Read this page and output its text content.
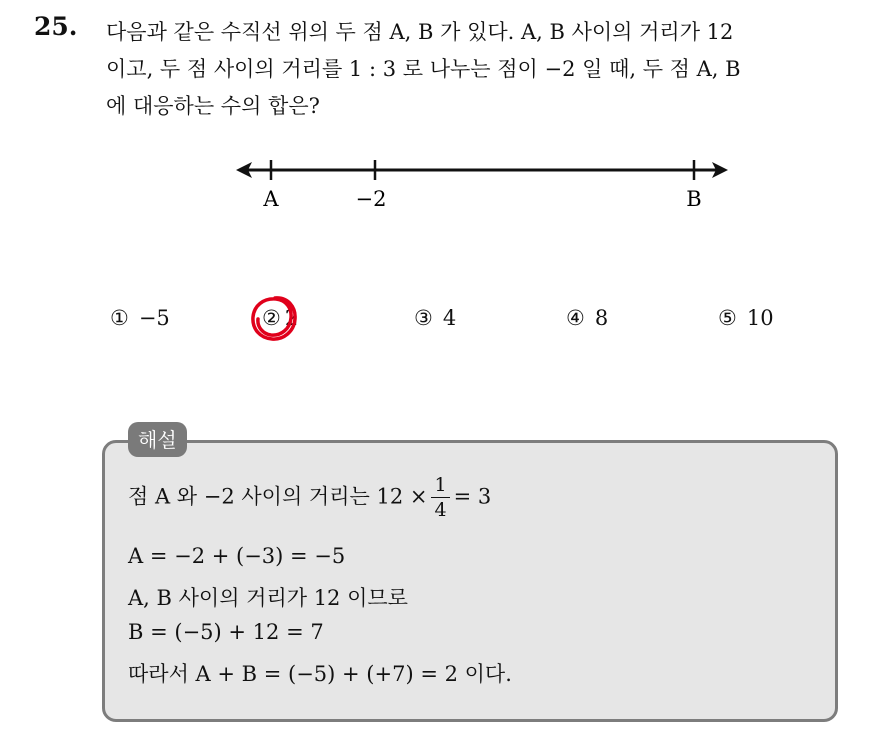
25. 다음과 같은 수직선 위의 두 점 A, B 가 있다. A, B 사이의 거리가 12
이고, 두 점 사이의 거리를 1 : 3 로 나누는 점이 −2 일 때, 두 점 A, B
에 대응하는 수의 합은?
A	−2	B
① −5	② 2	③ 4	④ 8	⑤ 10
해설
점 A 와 −2 사이의 거리는 $12 \times \frac{1}{4} = 3$
A = −2 + (−3) = −5
A, B 사이의 거리가 12 이므로
B = (−5) + 12 = 7
따라서 A + B = (−5) + (+7) = 2 이다.
